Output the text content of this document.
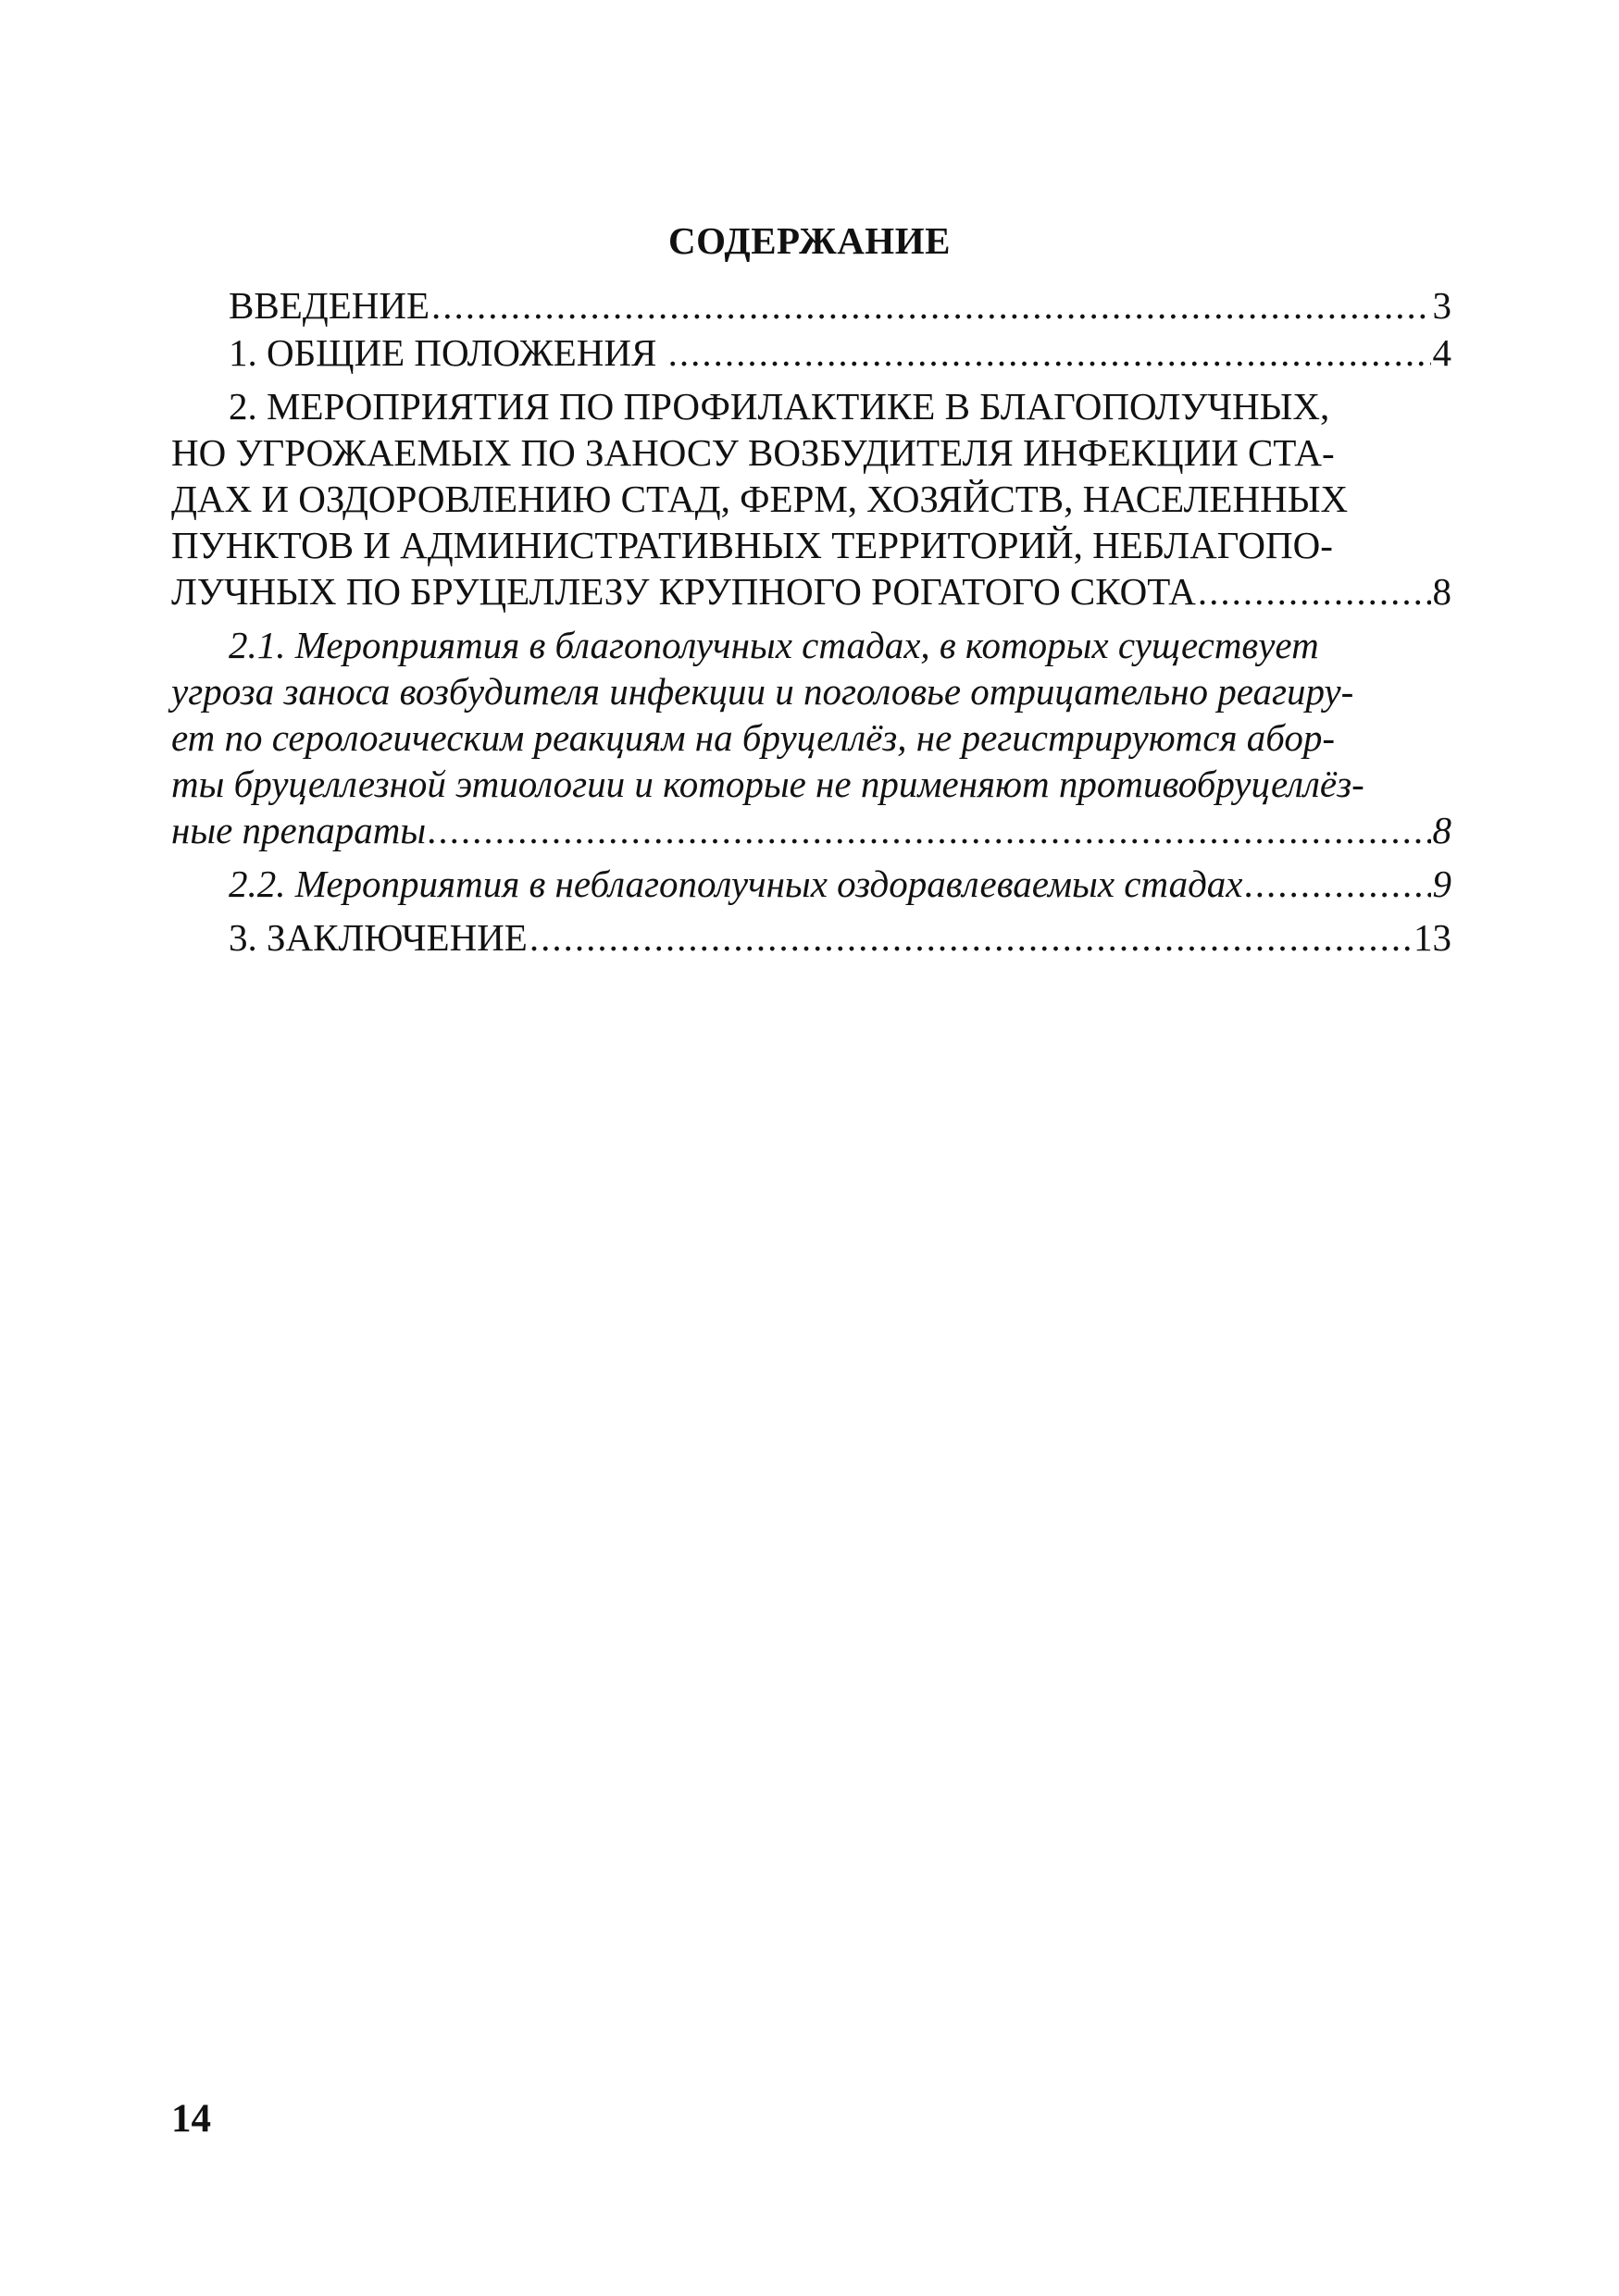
СОДЕРЖАНИЕ
ВВЕДЕНИЕ .....	3
1. ОБЩИЕ ПОЛОЖЕНИЯ .....	4
2. МЕРОПРИЯТИЯ ПО ПРОФИЛАКТИКЕ В БЛАГОПОЛУЧНЫХ,
НО УГРОЖАЕМЫХ ПО ЗАНОСУ ВОЗБУДИТЕЛЯ ИНФЕКЦИИ СТА-
ДАХ И ОЗДОРОВЛЕНИЮ СТАД, ФЕРМ, ХОЗЯЙСТВ, НАСЕЛЕННЫХ
ПУНКТОВ И АДМИНИСТРАТИВНЫХ ТЕРРИТОРИЙ, НЕБЛАГОПО-
ЛУЧНЫХ ПО БРУЦЕЛЛЕЗУ КРУПНОГО РОГАТОГО СКОТА .....	8
2.1. Мероприятия в благополучных стадах, в которых существует
угроза заноса возбудителя инфекции и поголовье отрицательно реагиру-
ет по серологическим реакциям на бруцеллёз, не регистрируются абор-
ты бруцеллезной этиологии и которые не применяют противобруцеллёз-
ные препараты .....	8
2.2. Мероприятия в неблагополучных оздоравлеваемых стадах .....	9
3. ЗАКЛЮЧЕНИЕ .....	13
14
